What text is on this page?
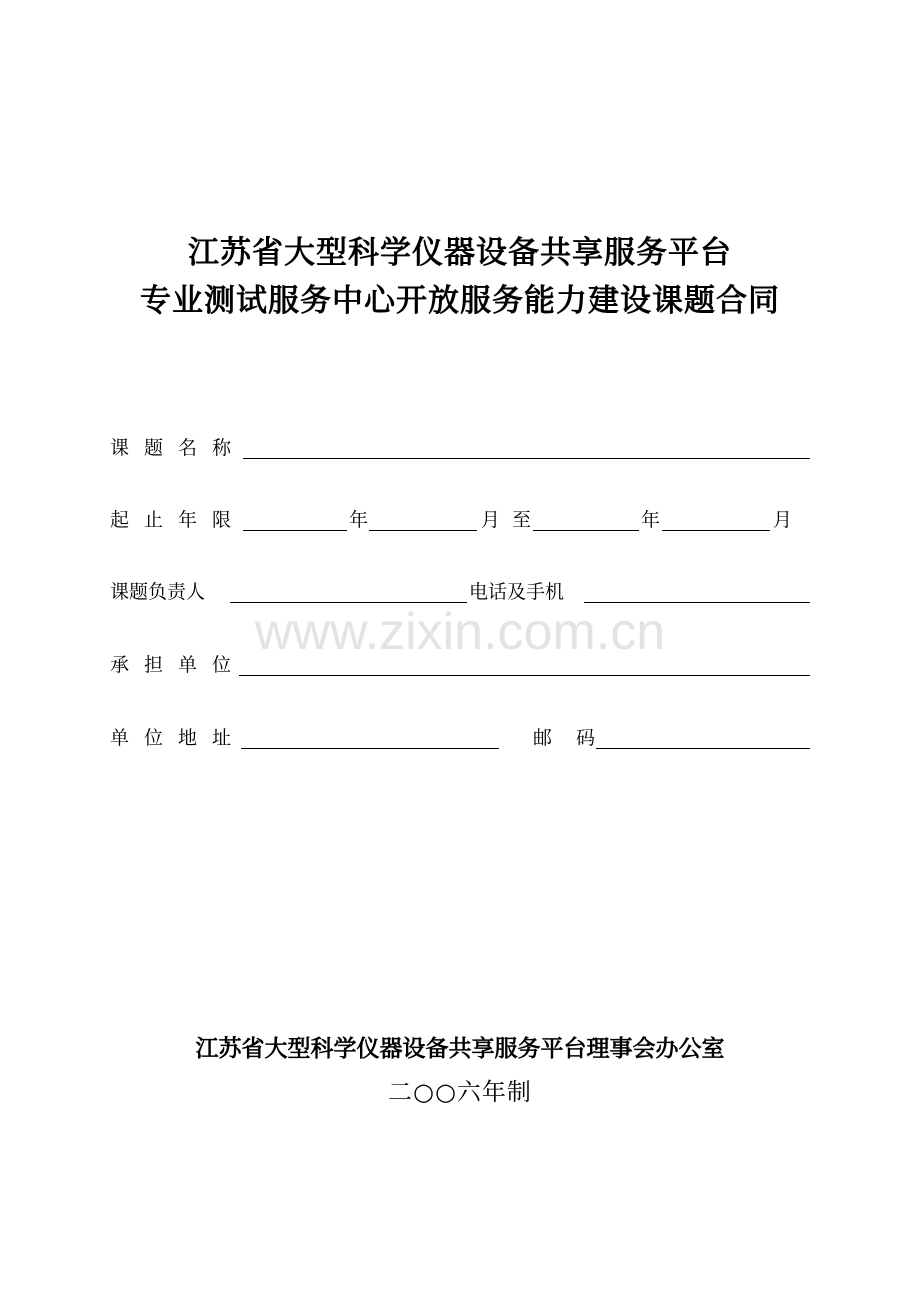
江苏省大型科学仪器设备共享服务平台
专业测试服务中心开放服务能力建设课题合同
课题名称
起止年限	年	月 至	年	月
课题负责人	电话及手机
承担单位
单位地址	邮码
www.zixin.com.cn
江苏省大型科学仪器设备共享服务平台理事会办公室
二○○六年制
